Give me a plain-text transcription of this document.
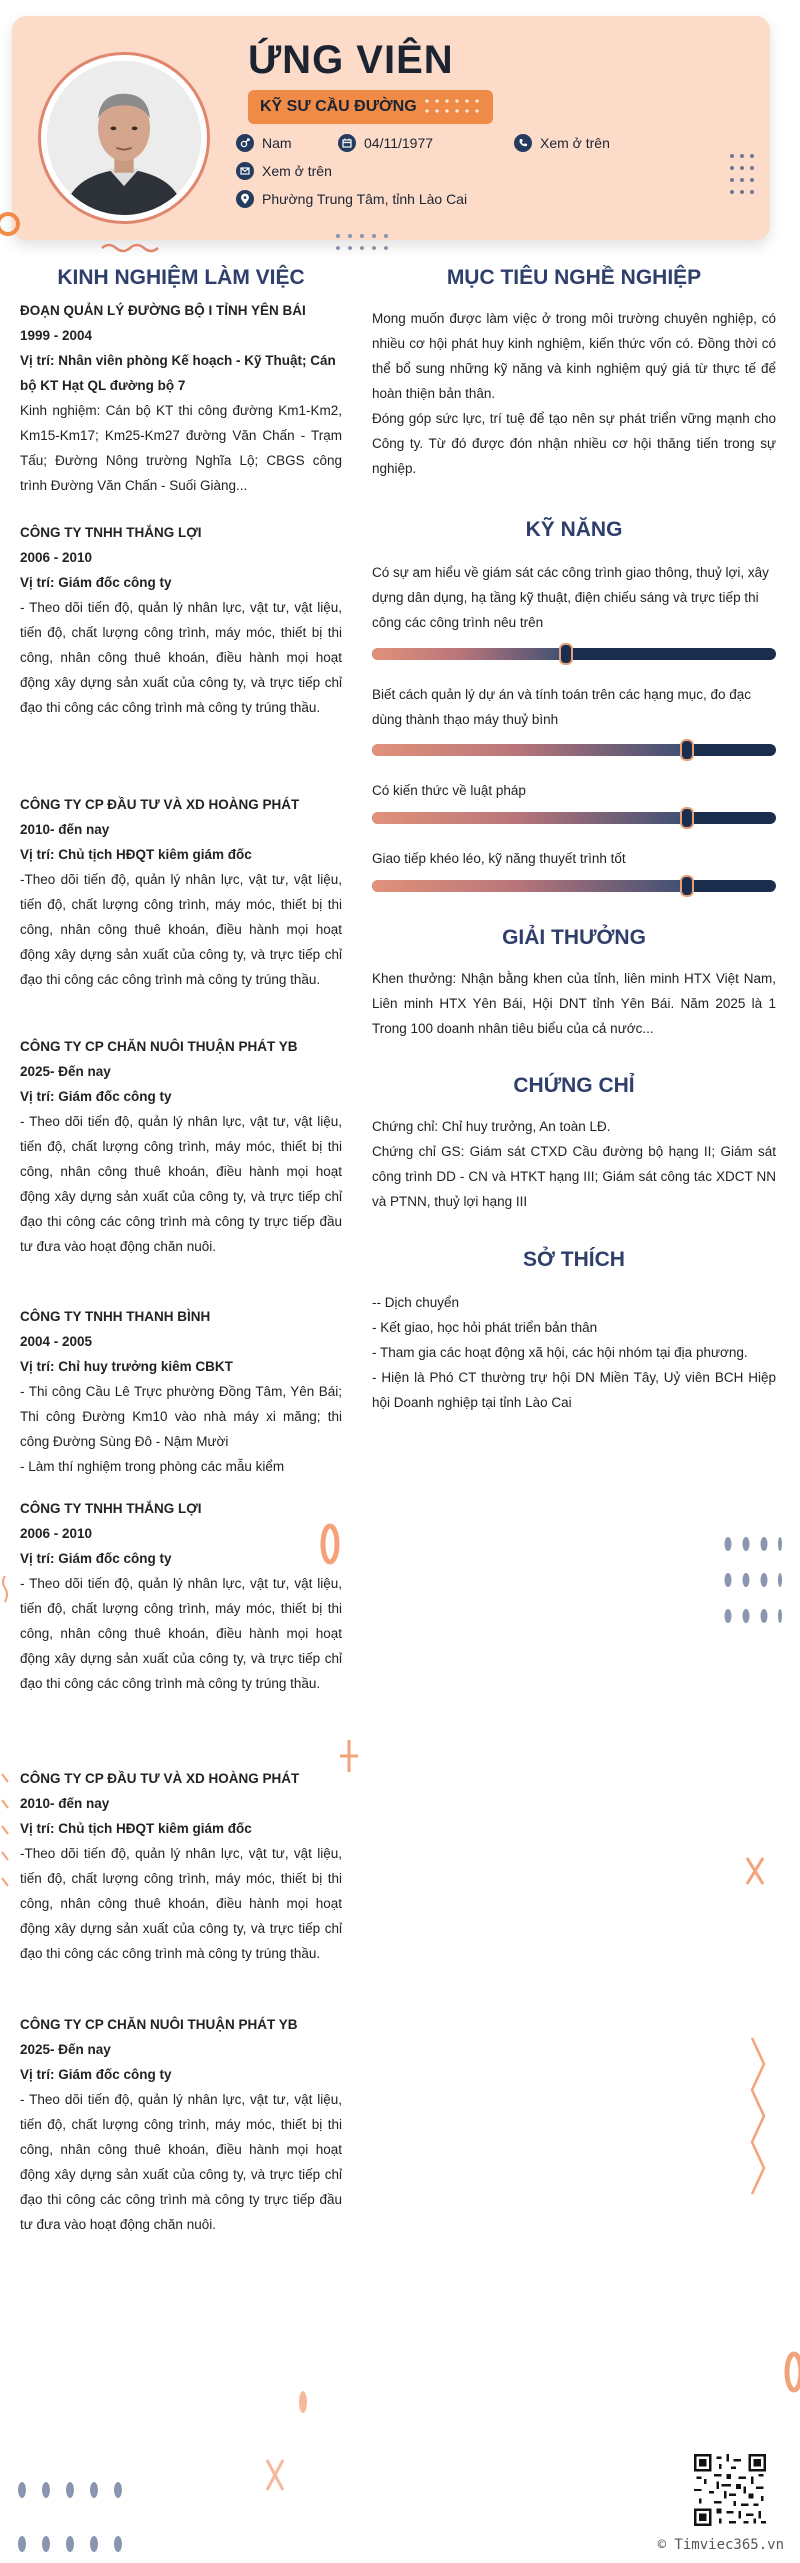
ỨNG VIÊN
KỸ SƯ CẦU ĐƯỜNG
Nam	04/11/1977	Xem ở trên
Xem ở trên
Phường Trung Tâm, tỉnh Lào Cai
KINH NGHIỆM LÀM VIỆC
ĐOẠN QUẢN LÝ ĐƯỜNG BỘ I TỈNH YÊN BÁI
1999 - 2004
Vị trí: Nhân viên phòng Kế hoạch - Kỹ Thuật; Cán bộ KT Hạt QL đường bộ 7
Kinh nghiệm: Cán bộ KT thi công đường Km1-Km2, Km15-Km17; Km25-Km27 đường Văn Chấn - Trạm Tấu; Đường Nông trường Nghĩa Lộ; CBGS công trình Đường Văn Chấn - Suối Giàng...
CÔNG TY TNHH THẮNG LỢI
2006 - 2010
Vị trí: Giám đốc công ty
- Theo dõi tiến độ, quản lý nhân lực, vật tư, vật liệu, tiến độ, chất lượng công trình, máy móc, thiết bị thi công, nhân công thuê khoán, điều hành mọi hoạt động xây dựng sản xuất của công ty, và trực tiếp chỉ đạo thi công các công trình mà công ty trúng thầu.
CÔNG TY CP ĐẦU TƯ VÀ XD HOÀNG PHÁT
2010- đến nay
Vị trí: Chủ tịch HĐQT kiêm giám đốc
-Theo dõi tiến độ, quản lý nhân lực, vật tư, vật liệu, tiến độ, chất lượng công trình, máy móc, thiết bị thi công, nhân công thuê khoán, điều hành mọi hoạt động xây dựng sản xuất của công ty, và trực tiếp chỉ đạo thi công các công trình mà công ty trúng thầu.
CÔNG TY CP CHĂN NUÔI THUẬN PHÁT YB
2025- Đến nay
Vị trí: Giám đốc công ty
- Theo dõi tiến độ, quản lý nhân lực, vật tư, vật liệu, tiến độ, chất lượng công trình, máy móc, thiết bị thi công, nhân công thuê khoán, điều hành mọi hoạt động xây dựng sản xuất của công ty, và trực tiếp chỉ đạo thi công các công trình mà công ty trực tiếp đầu tư đưa vào hoạt động chăn nuôi.
CÔNG TY TNHH THANH BÌNH
2004 - 2005
Vị trí: Chỉ huy trưởng kiêm CBKT
- Thi công Cầu Lê Trực phường Đồng Tâm, Yên Bái; Thi công Đường Km10 vào nhà máy xi măng; thi công Đường Sùng Đô - Nậm Mười
- Làm thí nghiệm trong phòng các mẫu kiểm
CÔNG TY TNHH THẮNG LỢI
2006 - 2010
Vị trí: Giám đốc công ty
- Theo dõi tiến độ, quản lý nhân lực, vật tư, vật liệu, tiến độ, chất lượng công trình, máy móc, thiết bị thi công, nhân công thuê khoán, điều hành mọi hoạt động xây dựng sản xuất của công ty, và trực tiếp chỉ đạo thi công các công trình mà công ty trúng thầu.
CÔNG TY CP ĐẦU TƯ VÀ XD HOÀNG PHÁT
2010- đến nay
Vị trí: Chủ tịch HĐQT kiêm giám đốc
-Theo dõi tiến độ, quản lý nhân lực, vật tư, vật liệu, tiến độ, chất lượng công trình, máy móc, thiết bị thi công, nhân công thuê khoán, điều hành mọi hoạt động xây dựng sản xuất của công ty, và trực tiếp chỉ đạo thi công các công trình mà công ty trúng thầu.
CÔNG TY CP CHĂN NUÔI THUẬN PHÁT YB
2025- Đến nay
Vị trí: Giám đốc công ty
- Theo dõi tiến độ, quản lý nhân lực, vật tư, vật liệu, tiến độ, chất lượng công trình, máy móc, thiết bị thi công, nhân công thuê khoán, điều hành mọi hoạt động xây dựng sản xuất của công ty, và trực tiếp chỉ đạo thi công các công trình mà công ty trực tiếp đầu tư đưa vào hoạt động chăn nuôi.
MỤC TIÊU NGHỀ NGHIỆP
Mong muốn được làm việc ở trong môi trường chuyên nghiệp, có nhiều cơ hội phát huy kinh nghiệm, kiến thức vốn có. Đồng thời có thể bổ sung những kỹ năng và kinh nghiệm quý giá từ thực tế để hoàn thiện bản thân.
Đóng góp sức lực, trí tuệ để tạo nên sự phát triển vững mạnh cho Công ty. Từ đó được đón nhận nhiều cơ hội thăng tiến trong sự nghiệp.
KỸ NĂNG
Có sự am hiểu về giám sát các công trình giao thông, thuỷ lợi, xây dựng dân dụng, hạ tầng kỹ thuật, điện chiếu sáng và trực tiếp thi công các công trình nêu trên
Biết cách quản lý dự án và tính toán trên các hạng mục, đo đạc dùng thành thạo máy thuỷ bình
Có kiến thức về luật pháp
Giao tiếp khéo léo, kỹ năng thuyết trình tốt
GIẢI THƯỞNG
Khen thưởng: Nhận bằng khen của tỉnh, liên minh HTX Việt Nam, Liên minh HTX Yên Bái, Hội DNT tỉnh Yên Bái. Năm 2025 là 1 Trong 100 doanh nhân tiêu biểu của cả nước...
CHỨNG CHỈ
Chứng chỉ: Chỉ huy trưởng, An toàn LĐ.
Chứng chỉ GS: Giám sát CTXD Cầu đường bộ hạng II; Giám sát công trình DD - CN và HTKT hạng III; Giám sát công tác XDCT NN và PTNN, thuỷ lợi hạng III
SỞ THÍCH
-- Dịch chuyển
- Kết giao, học hỏi phát triển bản thân
- Tham gia các hoạt động xã hội, các hội nhóm tại địa phương.
- Hiện là Phó CT thường trự hội DN Miền Tây, Uỷ viên BCH Hiệp hội Doanh nghiệp tại tỉnh Lào Cai
© Timviec365.vn
